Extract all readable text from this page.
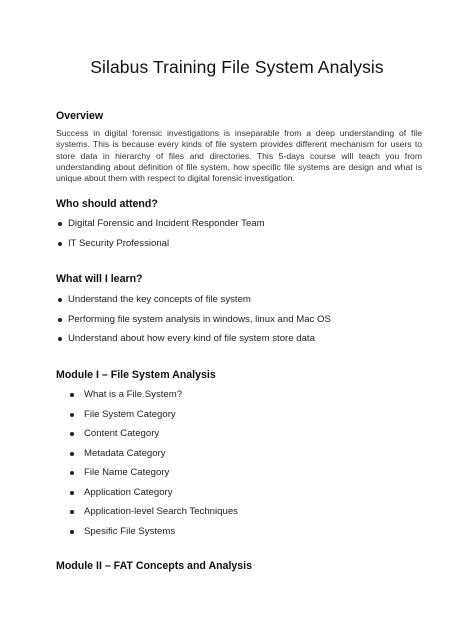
Silabus Training File System Analysis
Overview
Success in digital forensic investigations is inseparable from a deep understanding of file systems. This is because every kinds of file system provides different mechanism for users to store data in hierarchy of files and directories. This 5-days course will teach you from understanding about definition of file system, how specific file systems are design and what is unique about them with respect to digital forensic investigation.
Who should attend?
Digital Forensic and Incident Responder Team
IT Security Professional
What will I learn?
Understand the key concepts of file system
Performing file system analysis in windows, linux and Mac OS
Understand about how every kind of file system store data
Module I – File System Analysis
What is a File System?
File System Category
Content Category
Metadata Category
File Name Category
Application Category
Application-level Search Techniques
Spesific File Systems
Module II – FAT Concepts and Analysis
